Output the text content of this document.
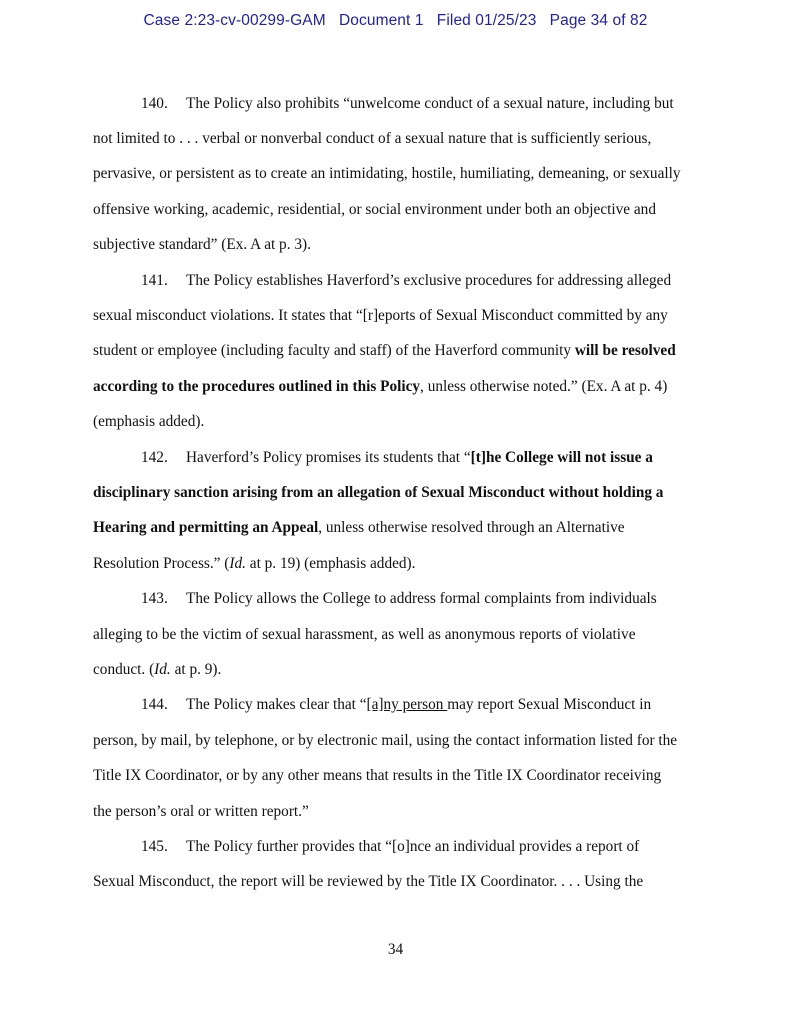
Case 2:23-cv-00299-GAM Document 1 Filed 01/25/23 Page 34 of 82
140. The Policy also prohibits “unwelcome conduct of a sexual nature, including but
not limited to . . . verbal or nonverbal conduct of a sexual nature that is sufficiently serious,
pervasive, or persistent as to create an intimidating, hostile, humiliating, demeaning, or sexually
offensive working, academic, residential, or social environment under both an objective and
subjective standard” (Ex. A at p. 3).
141. The Policy establishes Haverford’s exclusive procedures for addressing alleged
sexual misconduct violations. It states that “[r]eports of Sexual Misconduct committed by any
student or employee (including faculty and staff) of the Haverford community will be resolved
according to the procedures outlined in this Policy, unless otherwise noted.” (Ex. A at p. 4)
(emphasis added).
142. Haverford’s Policy promises its students that “[t]he College will not issue a
disciplinary sanction arising from an allegation of Sexual Misconduct without holding a
Hearing and permitting an Appeal, unless otherwise resolved through an Alternative
Resolution Process.” (Id. at p. 19) (emphasis added).
143. The Policy allows the College to address formal complaints from individuals
alleging to be the victim of sexual harassment, as well as anonymous reports of violative
conduct. (Id. at p. 9).
144. The Policy makes clear that “[a]ny person may report Sexual Misconduct in
person, by mail, by telephone, or by electronic mail, using the contact information listed for the
Title IX Coordinator, or by any other means that results in the Title IX Coordinator receiving
the person’s oral or written report.”
145. The Policy further provides that “[o]nce an individual provides a report of
Sexual Misconduct, the report will be reviewed by the Title IX Coordinator. . . . Using the
34
